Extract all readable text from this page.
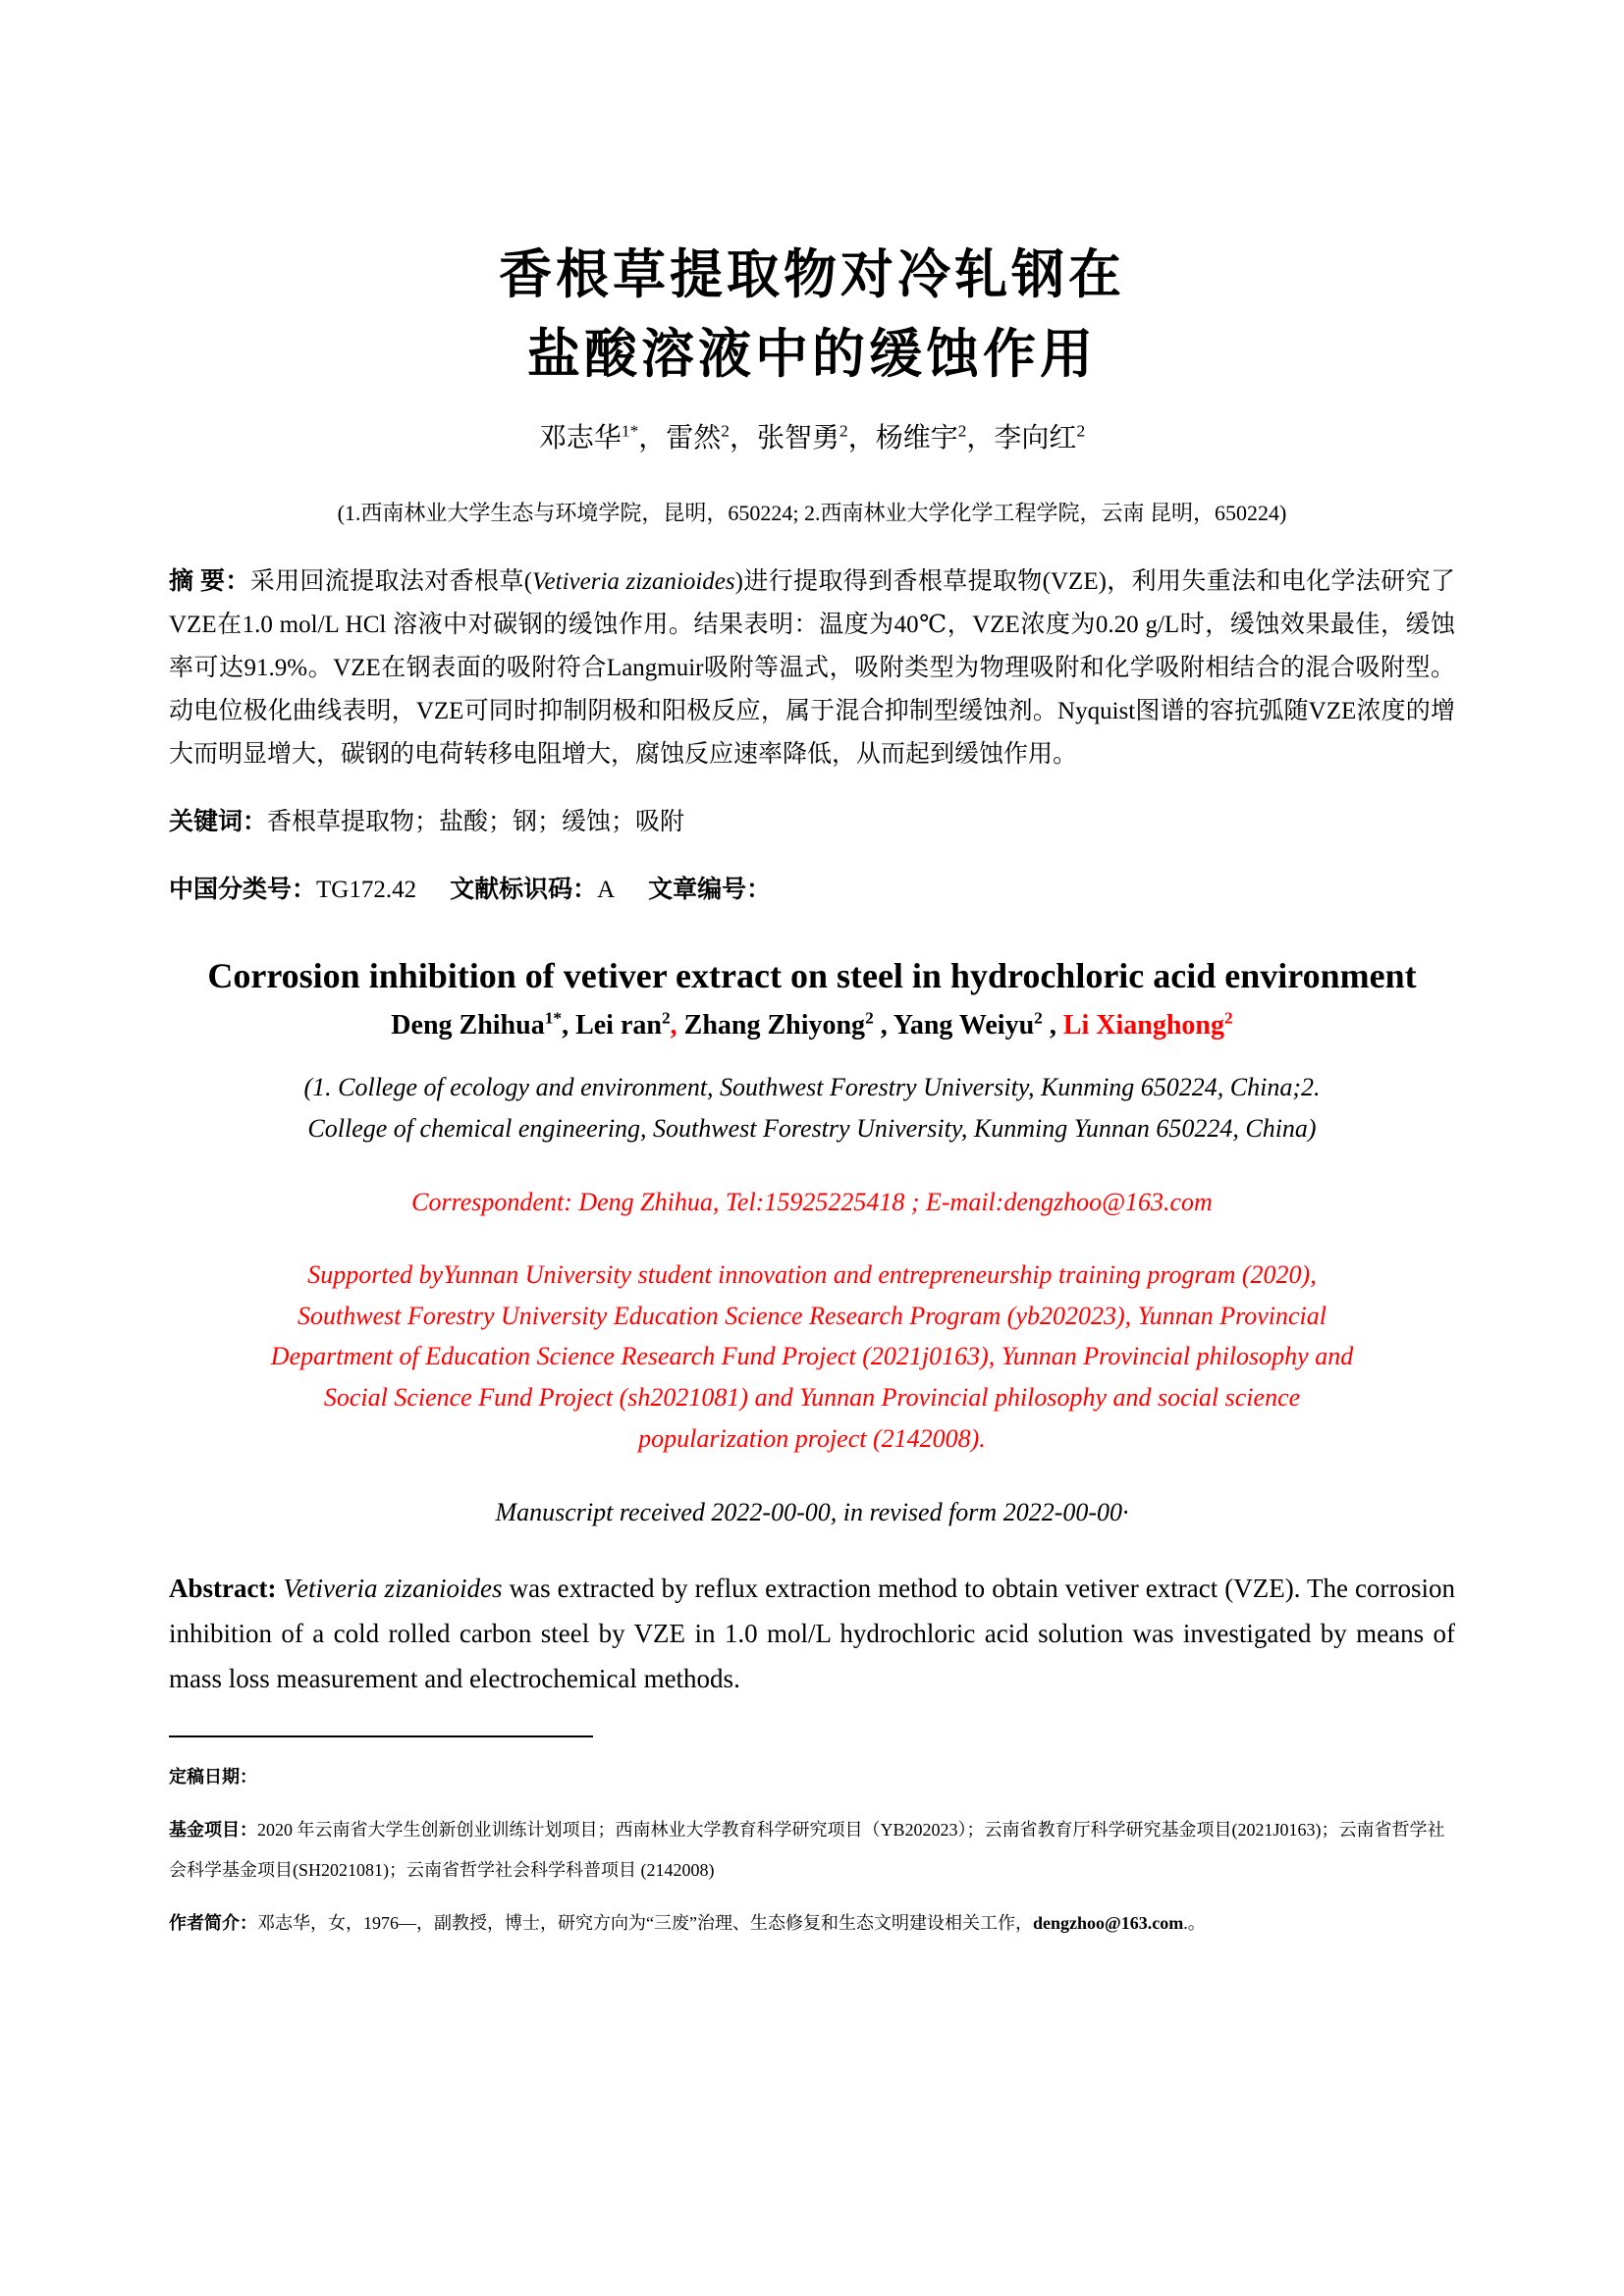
香根草提取物对冷轧钢在
盐酸溶液中的缓蚀作用
邓志华$^{1*}$，雷然$^2$，张智勇$^2$，杨维宇$^2$，李向红$^2$
(1.西南林业大学生态与环境学院，昆明，650224; 2.西南林业大学化学工程学院，云南 昆明，650224)

摘 要：采用回流提取法对香根草(Vetiveria zizanioides)进行提取得到香根草提取物(VZE)，利用失重法和电化学法研究了VZE在1.0 mol/L HCl 溶液中对碳钢的缓蚀作用。结果表明：温度为40℃，VZE浓度为0.20 g/L时，缓蚀效果最佳，缓蚀率可达91.9%。VZE在钢表面的吸附符合Langmuir吸附等温式，吸附类型为物理吸附和化学吸附相结合的混合吸附型。动电位极化曲线表明，VZE可同时抑制阴极和阳极反应，属于混合抑制型缓蚀剂。Nyquist图谱的容抗弧随VZE浓度的增大而明显增大，碳钢的电荷转移电阻增大，腐蚀反应速率降低，从而起到缓蚀作用。

关键词：香根草提取物；盐酸；钢；缓蚀；吸附

中国分类号：TG172.42 文献标识码：A 文章编号：

Corrosion inhibition of vetiver extract on steel in hydrochloric acid environment
Deng Zhihua$^{1*}$, Lei ran$^2$, Zhang Zhiyong$^2$ , Yang Weiyu$^2$ , Li Xianghong$^2$
(1. College of ecology and environment, Southwest Forestry University, Kunming 650224, China;2. College of chemical engineering, Southwest Forestry University, Kunming Yunnan 650224, China)
Correspondent: Deng Zhihua, Tel:15925225418 ; E-mail:dengzhoo@163.com
Supported byYunnan University student innovation and entrepreneurship training program (2020), Southwest Forestry University Education Science Research Program (yb202023), Yunnan Provincial Department of Education Science Research Fund Project (2021j0163), Yunnan Provincial philosophy and Social Science Fund Project (sh2021081) and Yunnan Provincial philosophy and social science popularization project (2142008).
Manuscript received 2022-00-00, in revised form 2022-00-00·

Abstract: Vetiveria zizanioides was extracted by reflux extraction method to obtain vetiver extract (VZE). The corrosion inhibition of a cold rolled carbon steel by VZE in 1.0 mol/L hydrochloric acid solution was investigated by means of mass loss measurement and electrochemical methods.

定稿日期：

基金项目：2020 年云南省大学生创新创业训练计划项目；西南林业大学教育科学研究项目（YB202023）；云南省教育厅科学研究基金项目(2021J0163)；云南省哲学社会科学基金项目(SH2021081)；云南省哲学社会科学科普项目 (2142008)

作者简介：邓志华，女，1976—，副教授，博士，研究方向为“三废”治理、生态修复和生态文明建设相关工作，dengzhoo@163.com.。
